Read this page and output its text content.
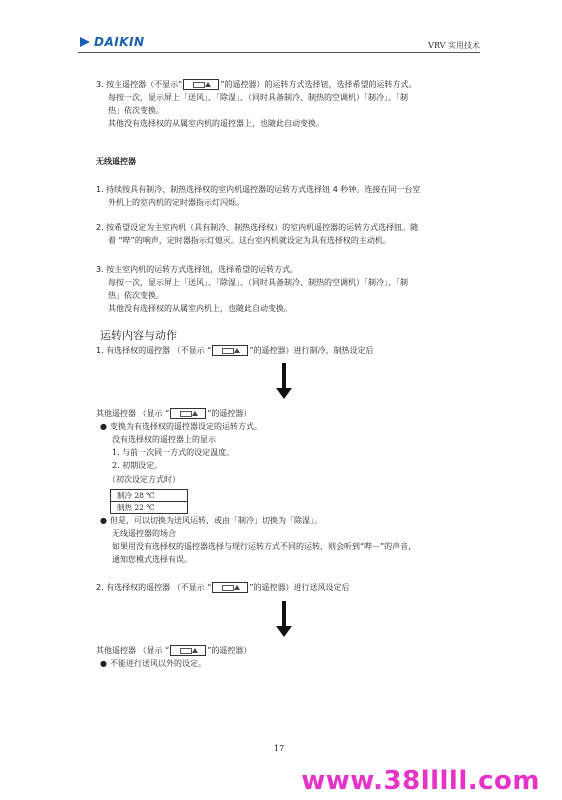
DAIKIN	VRV 实用技术
3. 按主遥控器（不显示“	”的遥控器）的运转方式选择钮，选择希望的运转方式。
每按一次，显示屏上「送风」、「除湿」、（同时具备制冷、制热的空调机）「制冷」、「制
热」依次变换。
其他没有选择权的从属室内机的遥控器上，也随此自动变换。
无线遥控器
1. 持续按具有制冷、制热选择权的室内机遥控器的运转方式选择钮 4 秒钟。连接在同一台室
外机上的室内机的定时器指示灯闪烁。
2. 按希望设定为主室内机（具有制冷、制热选择权）的室内机遥控器的运转方式选择钮。随
着 “哔”的响声，定时器指示灯熄灭。这台室内机就设定为具有选择权的主动机。
3. 按主室内机的运转方式选择钮，选择希望的运转方式。
每按一次，显示屏上「送风」、「除湿」、（同时具备制冷、制热的空调机）「制冷」、「制
热」依次变换。
其他没有选择权的从属室内机上，也随此自动变换。
运转内容与动作
1. 有选择权的遥控器 （不显示 “	”的遥控器）进行制冷、制热设定后
其他遥控器 （显示 “	”的遥控器）
● 变换为有选择权的遥控器设定的运转方式。
没有选择权的遥控器上的显示
1. 与前一次同一方式的设定温度。
2. 初期设定。
（初次设定方式时）
制冷 28 ℃
制热 22 ℃
● 但是，可以切换为送风运转，或由「制冷」切换为「除湿」。
无线遥控器的场合
如果用没有选择权的遥控器选择与现行运转方式不同的运转，则会听到“哔－”的声音，
通知您模式选择有误。
2. 有选择权的遥控器 （不显示 “	”的遥控器）进行送风设定后
其他遥控器 （显示 “	”的遥控器）
● 不能进行送风以外的设定。
17
www.38lllll.com
